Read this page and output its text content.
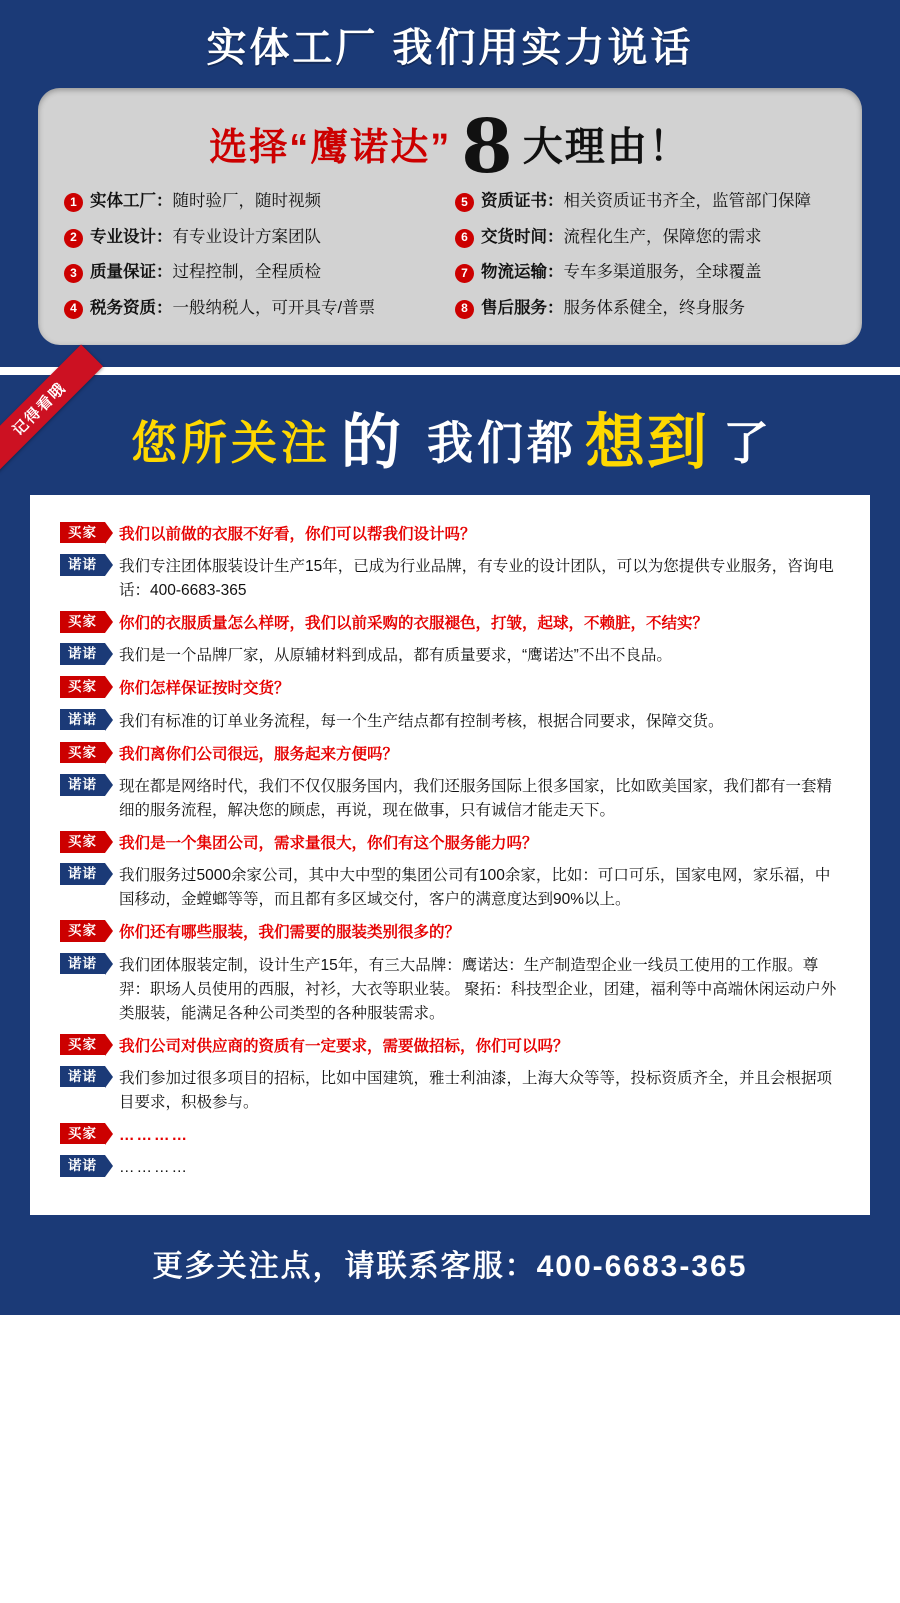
实体工厂 我们用实力说话
选择“鹰诺达” 8 大理由！
1 实体工厂：随时验厂，随时视频	5 资质证书：相关资质证书齐全，监管部门保障
2 专业设计：有专业设计方案团队	6 交货时间：流程化生产，保障您的需求
3 质量保证：过程控制，全程质检	7 物流运输：专车多渠道服务，全球覆盖
4 税务资质：一般纳税人，可开具专/普票	8 售后服务：服务体系健全，终身服务
记得看哦
您所关注 的 我们都 想到 了
买家	我们以前做的衣服不好看，你们可以帮我们设计吗？
诺诺	我们专注团体服装设计生产15年，已成为行业品牌，有专业的设计团队，可以为您提供专业服务，咨询电话：400-6683-365
买家	你们的衣服质量怎么样呀，我们以前采购的衣服褪色，打皱，起球，不赖脏，不结实？
诺诺	我们是一个品牌厂家，从原辅材料到成品，都有质量要求，“鹰诺达”不出不良品。
买家	你们怎样保证按时交货？
诺诺	我们有标准的订单业务流程，每一个生产结点都有控制考核，根据合同要求，保障交货。
买家	我们离你们公司很远，服务起来方便吗？
诺诺	现在都是网络时代，我们不仅仅服务国内，我们还服务国际上很多国家，比如欧美国家，我们都有一套精细的服务流程，解决您的顾虑，再说，现在做事，只有诚信才能走天下。
买家	我们是一个集团公司，需求量很大，你们有这个服务能力吗？
诺诺	我们服务过5000余家公司，其中大中型的集团公司有100余家，比如：可口可乐，国家电网，家乐福，中国移动，金螳螂等等，而且都有多区域交付，客户的满意度达到90%以上。
买家	你们还有哪些服装，我们需要的服装类别很多的？
诺诺	我们团体服装定制，设计生产15年，有三大品牌：鹰诺达：生产制造型企业一线员工使用的工作服。尊羿：职场人员使用的西服，衬衫，大衣等职业装。 聚拓：科技型企业，团建，福利等中高端休闲运动户外类服装，能满足各种公司类型的各种服装需求。
买家	我们公司对供应商的资质有一定要求，需要做招标，你们可以吗？
诺诺	我们参加过很多项目的招标，比如中国建筑，雅士利油漆，上海大众等等，投标资质齐全，并且会根据项目要求，积极参与。
买家	…………
诺诺	…………
更多关注点，请联系客服：400-6683-365
